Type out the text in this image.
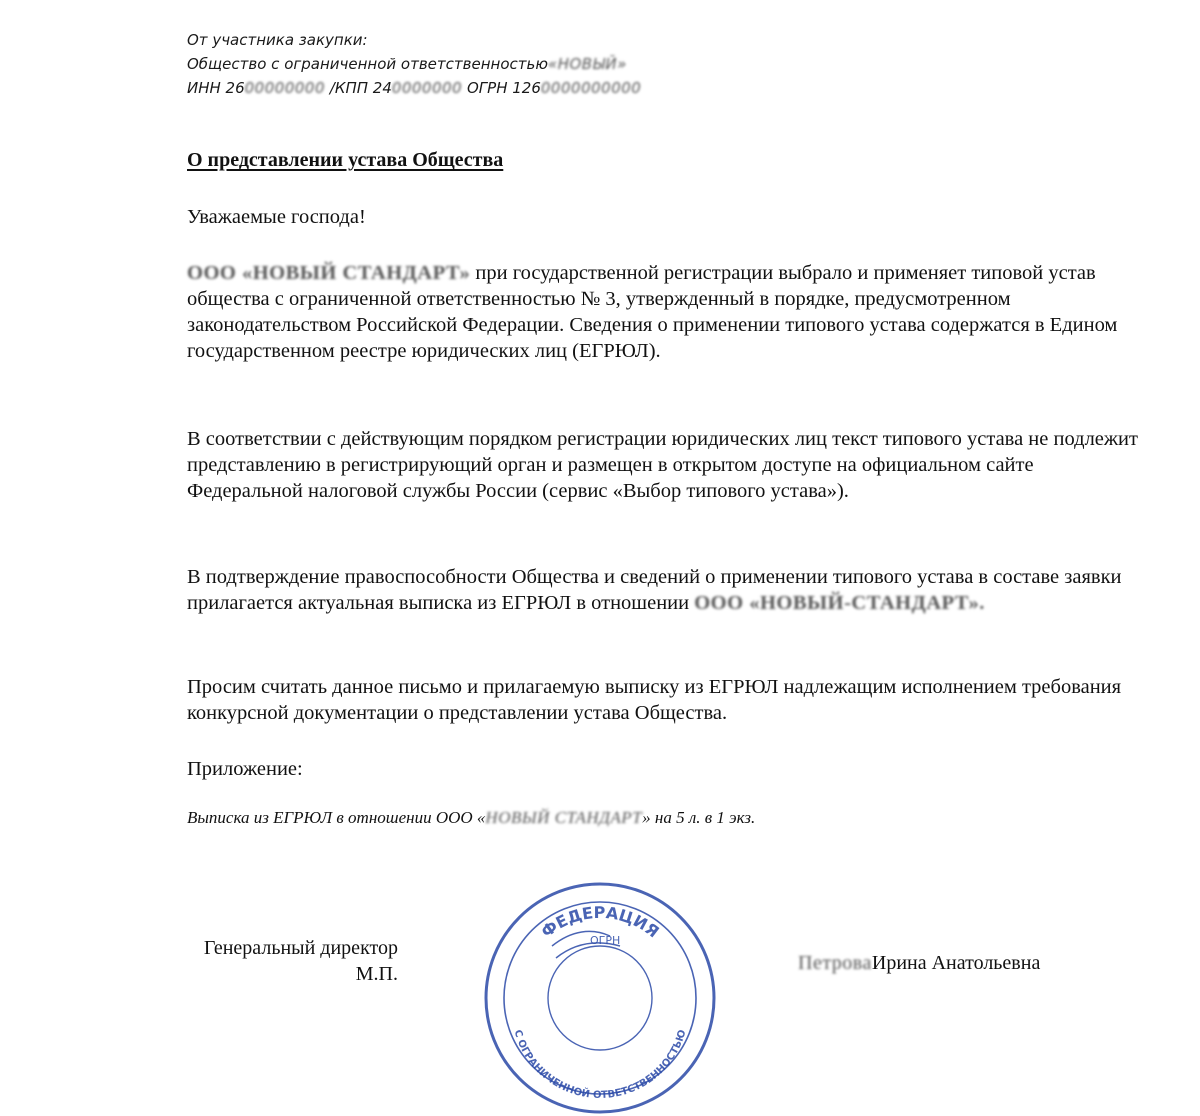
От участника закупки:
Общество с ограниченной ответственностью«НОВЫЙ»
ИНН 2600000000 /КПП 240000000 ОГРН 1260000000000
О представлении устава Общества
Уважаемые господа!
ООО «НОВЫЙ СТАНДАРТ» при государственной регистрации выбрало и применяет типовой устав общества с ограниченной ответственностью № 3, утвержденный в порядке, предусмотренном законодательством Российской Федерации. Сведения о применении типового устава содержатся в Едином государственном реестре юридических лиц (ЕГРЮЛ).
В соответствии с действующим порядком регистрации юридических лиц текст типового устава не подлежит представлению в регистрирующий орган и размещен в открытом доступе на официальном сайте Федеральной налоговой службы России (сервис «Выбор типового устава»).
В подтверждение правоспособности Общества и сведений о применении типового устава в составе заявки прилагается актуальная выписка из ЕГРЮЛ в отношении ООО «НОВЫЙ-СТАНДАРТ».
Просим считать данное письмо и прилагаемую выписку из ЕГРЮЛ надлежащим исполнением требования конкурсной документации о представлении устава Общества.
Приложение:
Выписка из ЕГРЮЛ в отношении ООО «НОВЫЙ СТАНДАРТ» на 5 л. в 1 экз.
Генеральный директор
М.П.
ФЕДЕРАЦИЯ
ОГРН
С ОГРАНИЧЕННОЙ ОТВЕТСТВЕННОСТЬЮ
ПетроваИрина Анатольевна
